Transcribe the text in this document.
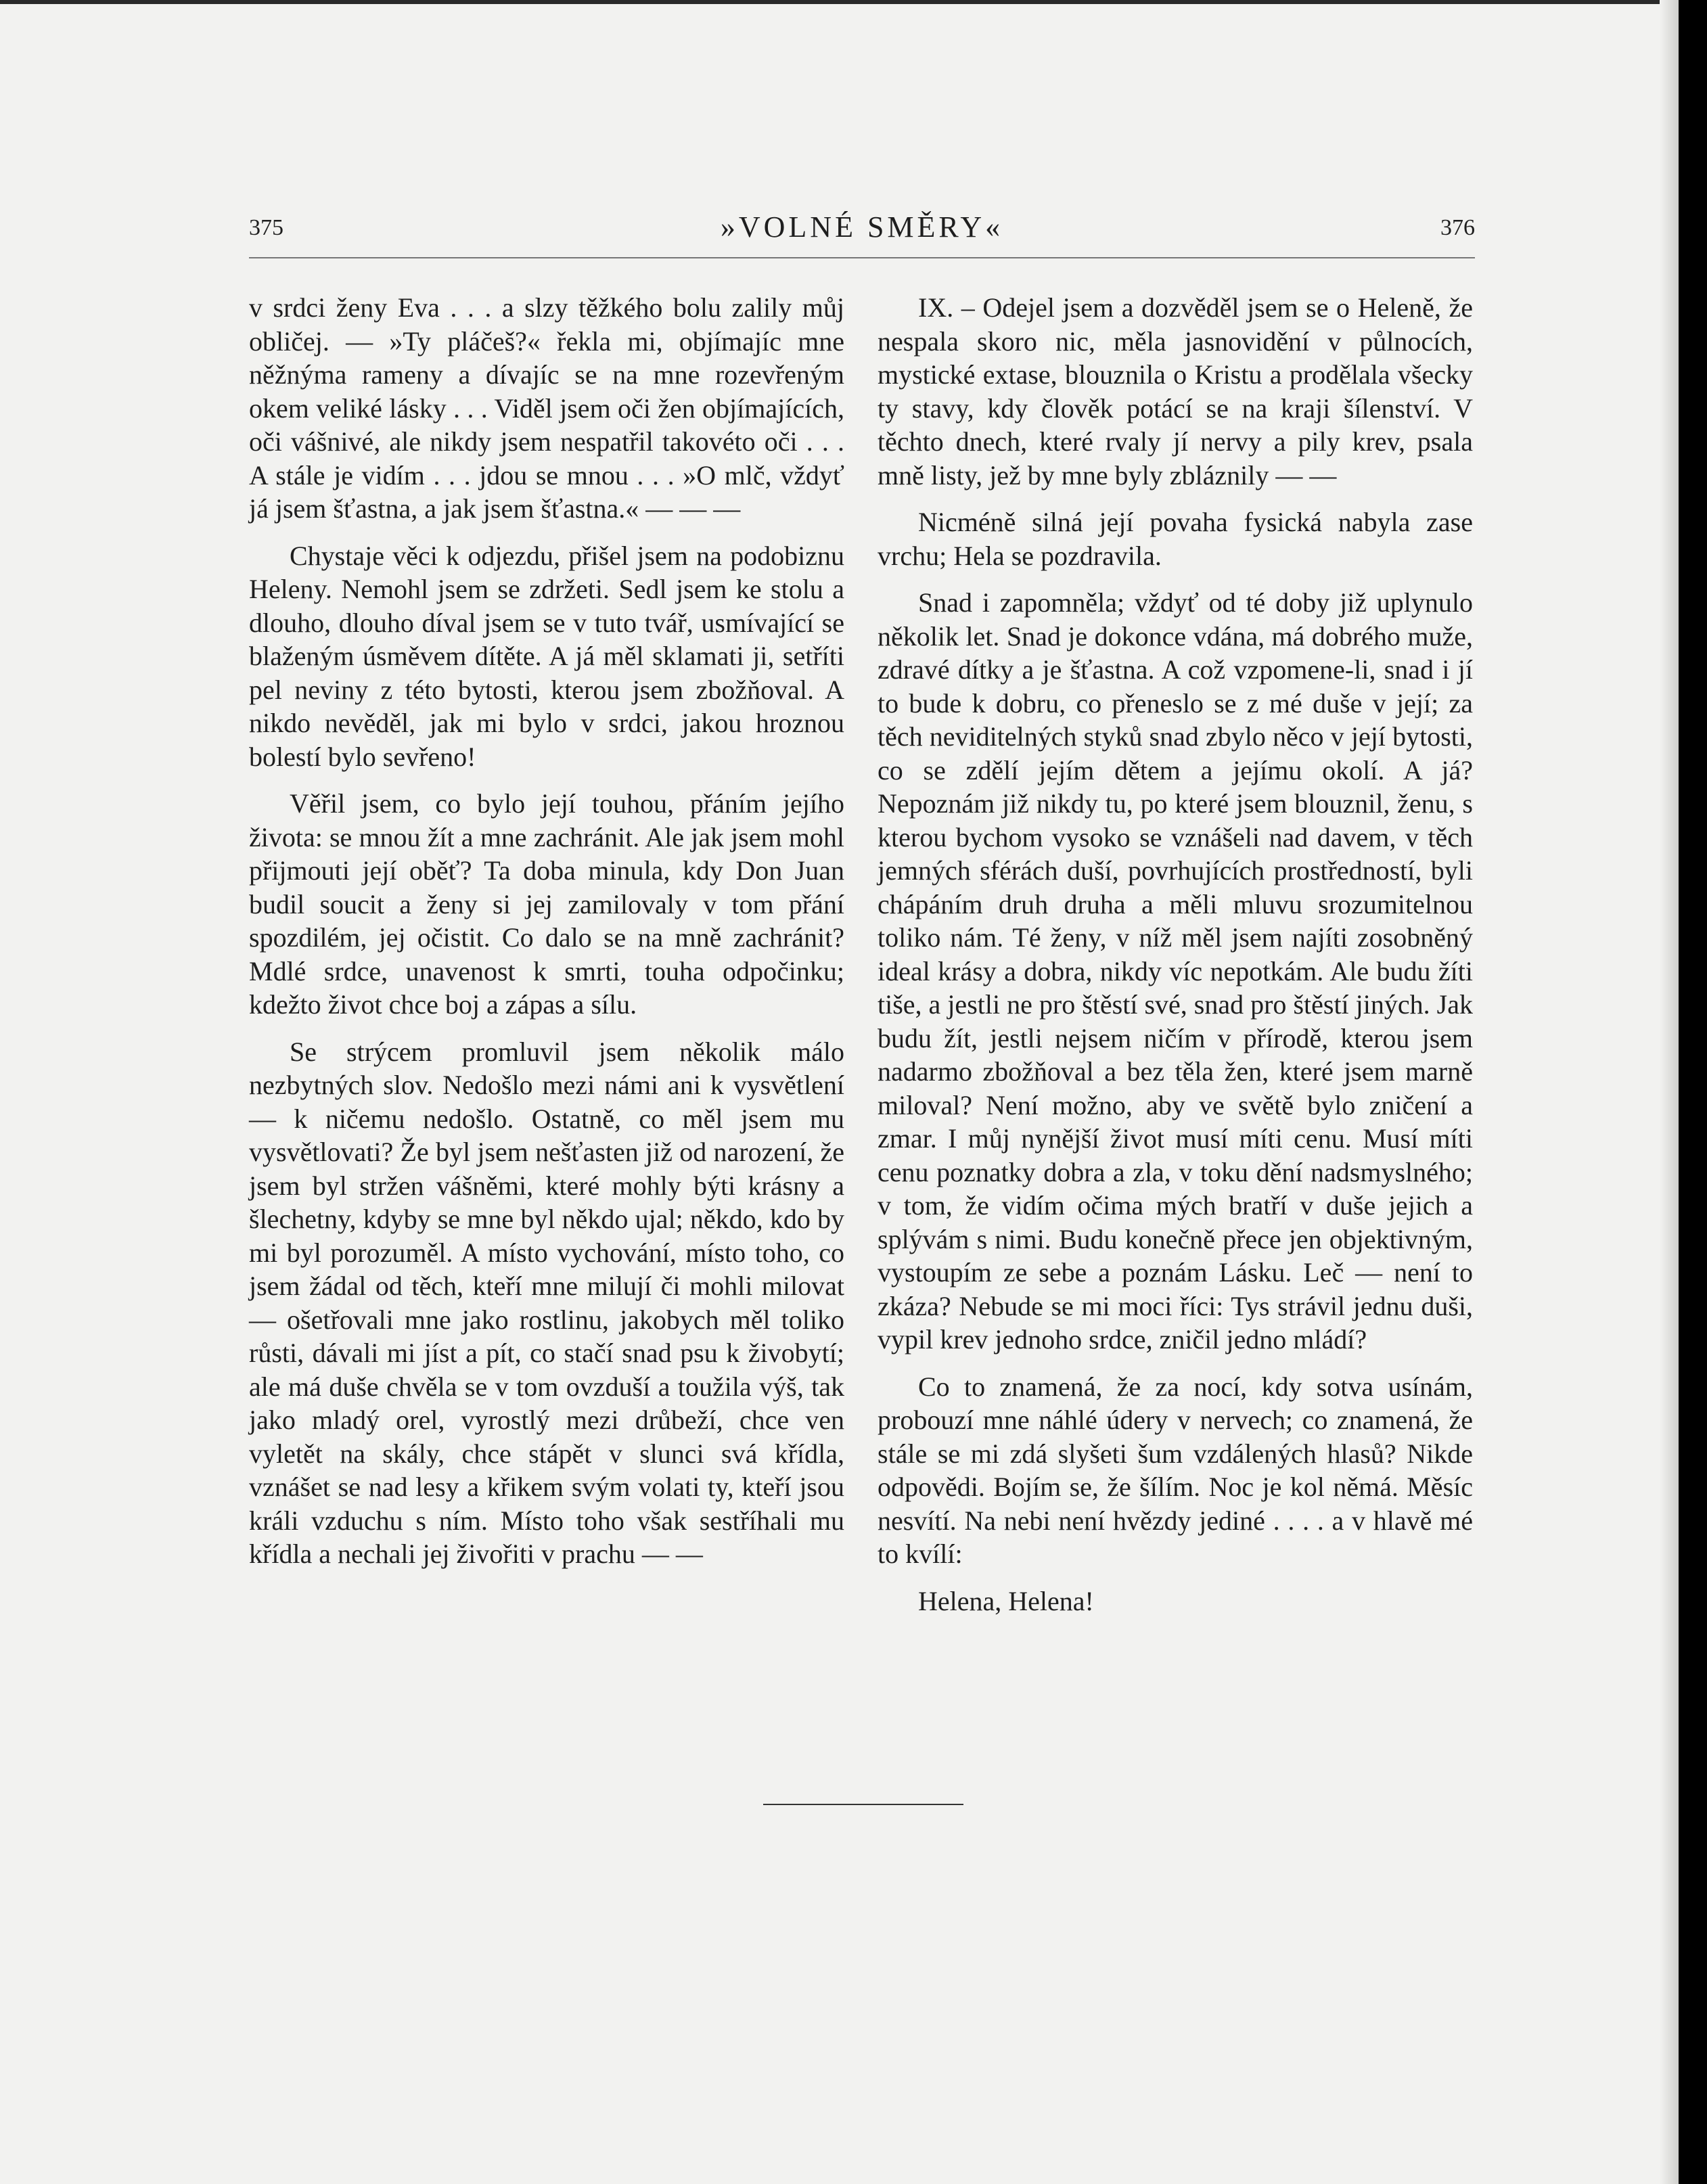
375	»VOLNÉ SMĚRY«	376

v srdci ženy Eva . . . a slzy těžkého bolu zalily můj obličej. — »Ty pláčeš?« řekla mi, objímajíc mne něžnýma rameny a dívajíc se na mne rozevřeným okem veliké lásky . . . Viděl jsem oči žen objímajících, oči vášnivé, ale nikdy jsem nespatřil takovéto oči . . . A stále je vidím . . . jdou se mnou . . . »O mlč, vždyť já jsem šťastna, a jak jsem šťastna.« — — —

Chystaje věci k odjezdu, přišel jsem na podobiznu Heleny. Nemohl jsem se zdržeti. Sedl jsem ke stolu a dlouho, dlouho díval jsem se v tuto tvář, usmívající se blaženým úsměvem dítěte. A já měl sklamati ji, setříti pel neviny z této bytosti, kterou jsem zbožňoval. A nikdo nevěděl, jak mi bylo v srdci, jakou hroznou bolestí bylo sevřeno!

Věřil jsem, co bylo její touhou, přáním jejího života: se mnou žít a mne zachránit. Ale jak jsem mohl přijmouti její oběť? Ta doba minula, kdy Don Juan budil soucit a ženy si jej zamilovaly v tom přání spozdilém, jej očistit. Co dalo se na mně zachránit? Mdlé srdce, unavenost k smrti, touha odpočinku; kdežto život chce boj a zápas a sílu.

Se strýcem promluvil jsem několik málo nezbytných slov. Nedošlo mezi námi ani k vysvětlení — k ničemu nedošlo. Ostatně, co měl jsem mu vysvětlovati? Že byl jsem nešťasten již od narození, že jsem byl stržen vášněmi, které mohly býti krásny a šlechetny, kdyby se mne byl někdo ujal; někdo, kdo by mi byl porozuměl. A místo vychování, místo toho, co jsem žádal od těch, kteří mne milují či mohli milovat — ošetřovali mne jako rostlinu, jakobych měl toliko růsti, dávali mi jíst a pít, co stačí snad psu k živobytí; ale má duše chvěla se v tom ovzduší a toužila výš, tak jako mladý orel, vyrostlý mezi drůbeží, chce ven vyletět na skály, chce stápět v slunci svá křídla, vznášet se nad lesy a křikem svým volati ty, kteří jsou králi vzduchu s ním. Místo toho však sestříhali mu křídla a nechali jej živořiti v prachu — —

IX. – Odejel jsem a dozvěděl jsem se o Heleně, že nespala skoro nic, měla jasnovidění v půlnocích, mystické extase, blouznila o Kristu a prodělala všecky ty stavy, kdy člověk potácí se na kraji šílenství. V těchto dnech, které rvaly jí nervy a pily krev, psala mně listy, jež by mne byly zbláznily — —

Nicméně silná její povaha fysická nabyla zase vrchu; Hela se pozdravila.

Snad i zapomněla; vždyť od té doby již uplynulo několik let. Snad je dokonce vdána, má dobrého muže, zdravé dítky a je šťastna. A což vzpomene-li, snad i jí to bude k dobru, co přeneslo se z mé duše v její; za těch neviditelných styků snad zbylo něco v její bytosti, co se zdělí jejím dětem a jejímu okolí. A já? Nepoznám již nikdy tu, po které jsem blouznil, ženu, s kterou bychom vysoko se vznášeli nad davem, v těch jemných sférách duší, povrhujících prostředností, byli chápáním druh druha a měli mluvu srozumitelnou toliko nám. Té ženy, v níž měl jsem najíti zosobněný ideal krásy a dobra, nikdy víc nepotkám. Ale budu žíti tiše, a jestli ne pro štěstí své, snad pro štěstí jiných. Jak budu žít, jestli nejsem ničím v přírodě, kterou jsem nadarmo zbožňoval a bez těla žen, které jsem marně miloval? Není možno, aby ve světě bylo zničení a zmar. I můj nynější život musí míti cenu. Musí míti cenu poznatky dobra a zla, v toku dění nadsmyslného; v tom, že vidím očima mých bratří v duše jejich a splývám s nimi. Budu konečně přece jen objektivným, vystoupím ze sebe a poznám Lásku. Leč — není to zkáza? Nebude se mi moci říci: Tys strávil jednu duši, vypil krev jednoho srdce, zničil jedno mládí?

Co to znamená, že za nocí, kdy sotva usínám, probouzí mne náhlé údery v nervech; co znamená, že stále se mi zdá slyšeti šum vzdálených hlasů? Nikde odpovědi. Bojím se, že šílím. Noc je kol němá. Měsíc nesvítí. Na nebi není hvězdy jediné . . . . a v hlavě mé to kvílí:

Helena, Helena!
